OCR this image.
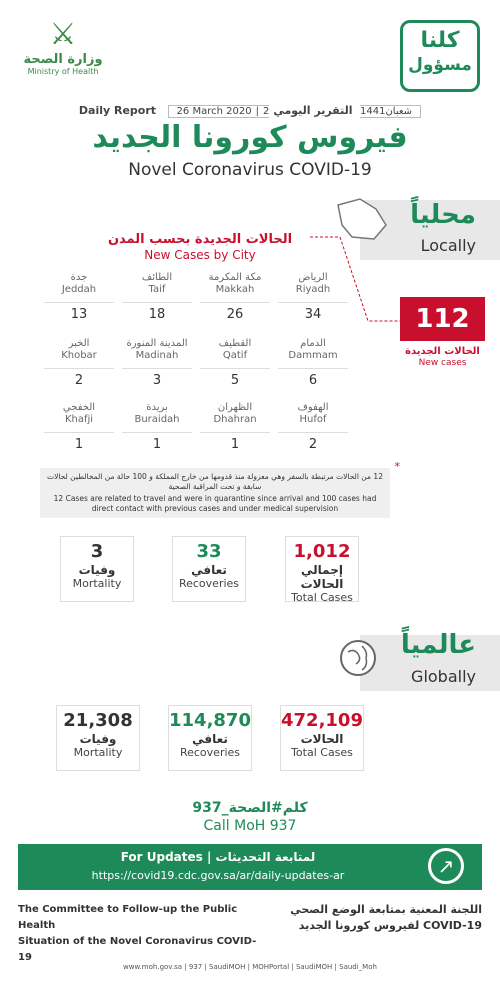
⚔
وزارة الصحة
Ministry of Health
كلنا
مسؤول
Daily Report 26 March 2020 | 2شعبان1441 التقرير اليومي
فيروس كورونا الجديد
Novel Coronavirus COVID-19
محلياً
Locally
الحالات الجديدة بحسب المدن
New Cases by City
الرياض
Riyadh
34
مكة المكرمة
Makkah
26
الطائف
Taif
18
جدة
Jeddah
13
الدمام
Dammam
6
القطيف
Qatif
5
المدينة المنورة
Madinah
3
الخبر
Khobar
2
الهفوف
Hufof
2
الظهران
Dhahran
1
بريدة
Buraidah
1
الخفجي
Khafji
1
112
الحالات الجديدة
New cases
*
12 من الحالات مرتبطة بالسفر وهي معزولة منذ قدومها من خارج المملكة و 100 حالة من المخالطين لحالات سابقة و تحت المراقبة الصحية
12 Cases are related to travel and were in quarantine since arrival and 100 cases had direct contact with previous cases and under medical supervision
1,012
إجمالي الحالات
Total Cases
33
تعافي
Recoveries
3
وفيات
Mortality
عالمياً
Globally
472,109
الحالات
Total Cases
114,870
تعافي
Recoveries
21,308
وفيات
Mortality
كلم#الصحة_937
Call MoH 937
For Updates | لمتابعة التحديثات
https://covid19.cdc.gov.sa/ar/daily-updates-ar	↗
The Committee to Follow-up the Public Health
Situation of the Novel Coronavirus COVID-19
اللجنة المعنية بمتابعة الوضع الصحي
لفيروس كورونا الجديد COVID-19
www.moh.gov.sa | 937 | SaudiMOH | MOHPortal | SaudiMOH | Saudi_Moh
